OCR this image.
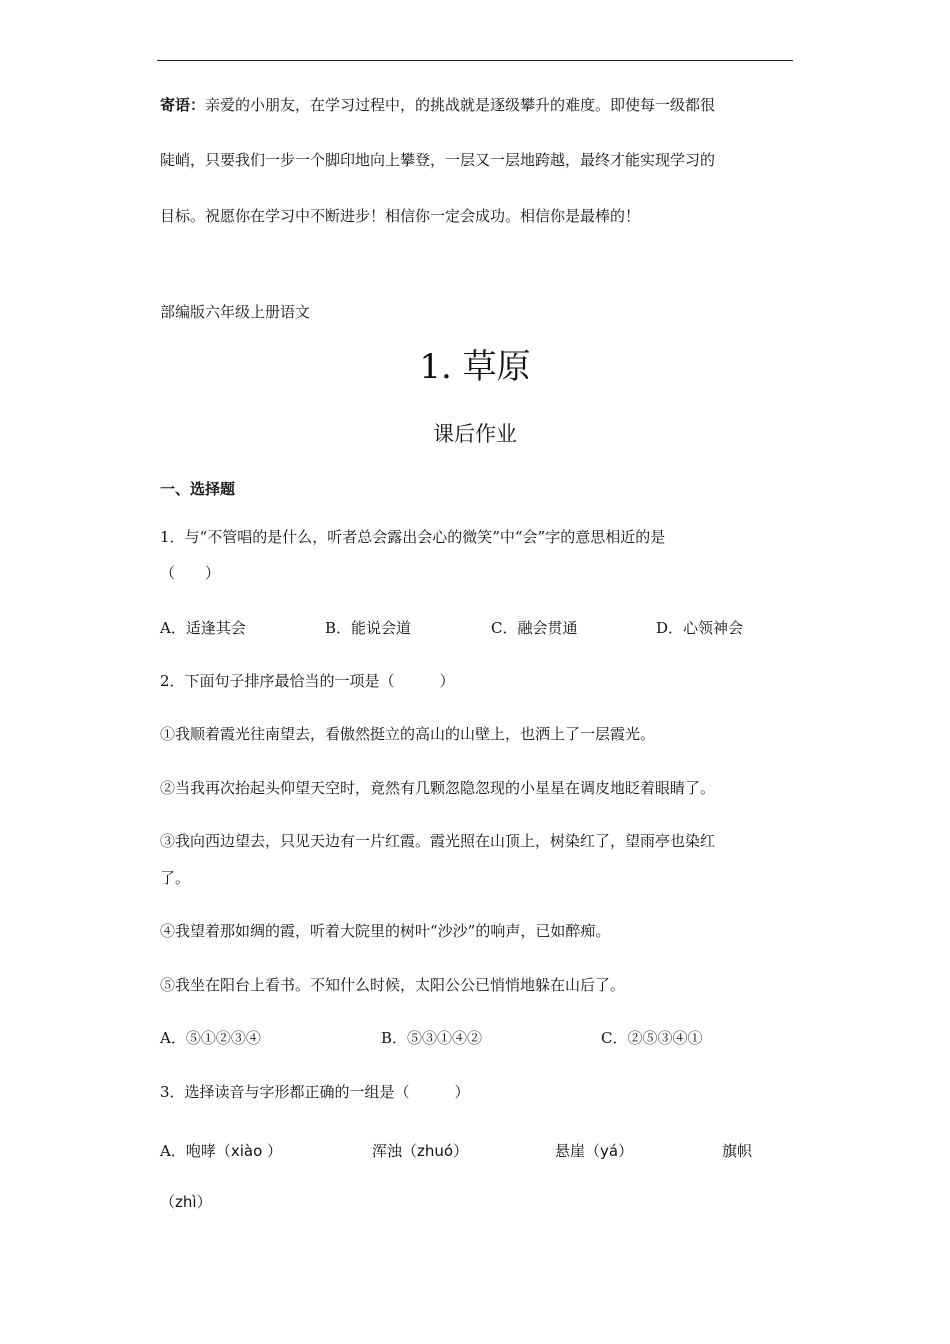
寄语：亲爱的小朋友，在学习过程中，的挑战就是逐级攀升的难度。即使每一级都很
陡峭，只要我们一步一个脚印地向上攀登，一层又一层地跨越，最终才能实现学习的
目标。祝愿你在学习中不断进步！相信你一定会成功。相信你是最棒的！
部编版六年级上册语文
1. 草原
课后作业
一、选择题
1．与“不管唱的是什么，听者总会露出会心的微笑”中“会”字的意思相近的是
（　　）
A．适逢其会	B．能说会道	C．融会贯通	D．心领神会
2．下面句子排序最恰当的一项是（　　　）
①我顺着霞光往南望去，看傲然挺立的高山的山壁上，也洒上了一层霞光。
②当我再次抬起头仰望天空时，竟然有几颗忽隐忽现的小星星在调皮地眨着眼睛了。
③我向西边望去，只见天边有一片红霞。霞光照在山顶上，树染红了，望雨亭也染红
了。
④我望着那如绸的霞，听着大院里的树叶“沙沙”的响声，已如醉痴。
⑤我坐在阳台上看书。不知什么时候，太阳公公已悄悄地躲在山后了。
A．⑤①②③④	B．⑤③①④②	C．②⑤③④①
3．选择读音与字形都正确的一组是（　　　）
A．咆哮（xiào ）	浑浊（zhuó）	悬崖（yá）	旗帜
（zhì）
